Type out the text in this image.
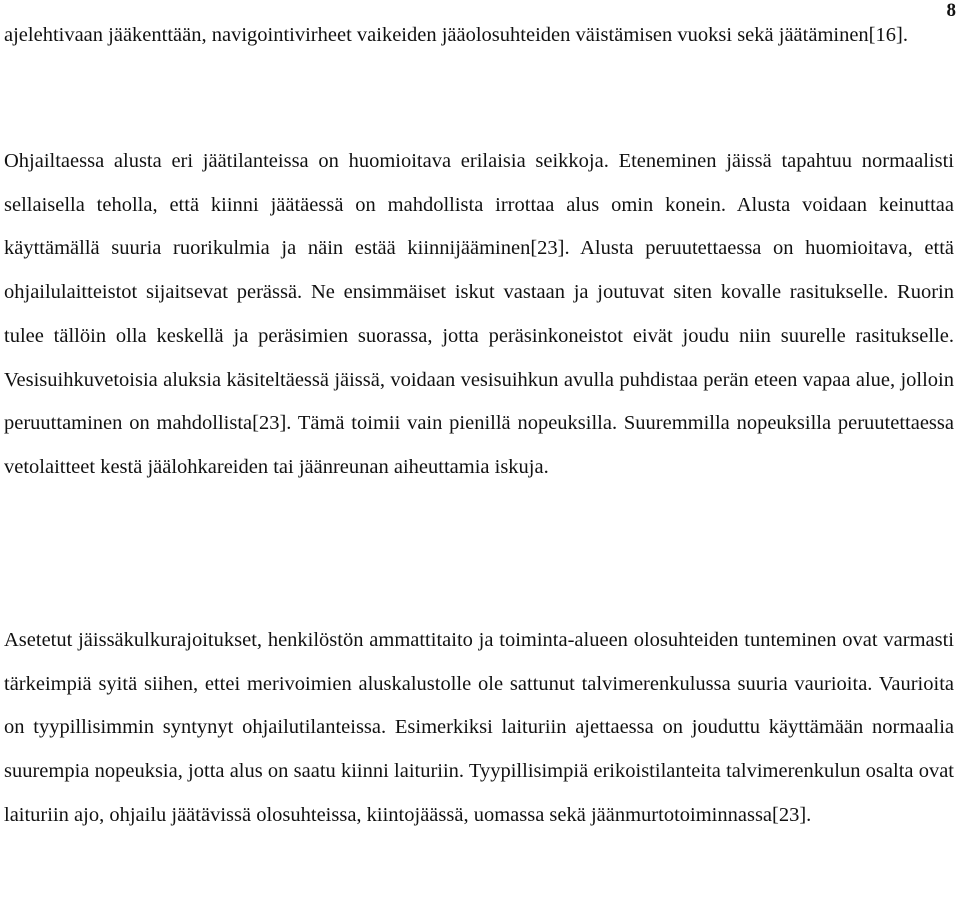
8

ajelehtivaan jääkenttään, navigointivirheet vaikeiden jääolosuhteiden väistämisen vuoksi sekä jäätäminen[16].

Ohjailtaessa alusta eri jäätilanteissa on huomioitava erilaisia seikkoja. Eteneminen jäissä tapahtuu normaalisti sellaisella teholla, että kiinni jäätäessä on mahdollista irrottaa alus omin konein. Alusta voidaan keinuttaa käyttämällä suuria ruorikulmia ja näin estää kiinnijääminen[23]. Alusta peruutettaessa on huomioitava, että ohjailulaitteistot sijaitsevat perässä. Ne ensimmäiset iskut vastaan ja joutuvat siten kovalle rasitukselle. Ruorin tulee tällöin olla keskellä ja peräsimien suorassa, jotta peräsinkoneistot eivät joudu niin suurelle rasitukselle. Vesisuihkuvetoisia aluksia käsiteltäessä jäissä, voidaan vesisuihkun avulla puhdistaa perän eteen vapaa alue, jolloin peruuttaminen on mahdollista[23]. Tämä toimii vain pienillä nopeuksilla. Suuremmilla nopeuksilla peruutettaessa vetolaitteet kestä jäälohkareiden tai jäänreunan aiheuttamia iskuja.

Asetetut jäissäkulkurajoitukset, henkilöstön ammattitaito ja toiminta-alueen olosuhteiden tunteminen ovat varmasti tärkeimpiä syitä siihen, ettei merivoimien aluskalustolle ole sattunut talvimerenkulussa suuria vaurioita. Vaurioita on tyypillisimmin syntynyt ohjailutilanteissa. Esimerkiksi laituriin ajettaessa on jouduttu käyttämään normaalia suurempia nopeuksia, jotta alus on saatu kiinni laituriin. Tyypillisimpiä erikoistilanteita talvimerenkulun osalta ovat laituriin ajo, ohjailu jäätävissä olosuhteissa, kiintojäässä, uomassa sekä jäänmurtotoiminnassa[23].
